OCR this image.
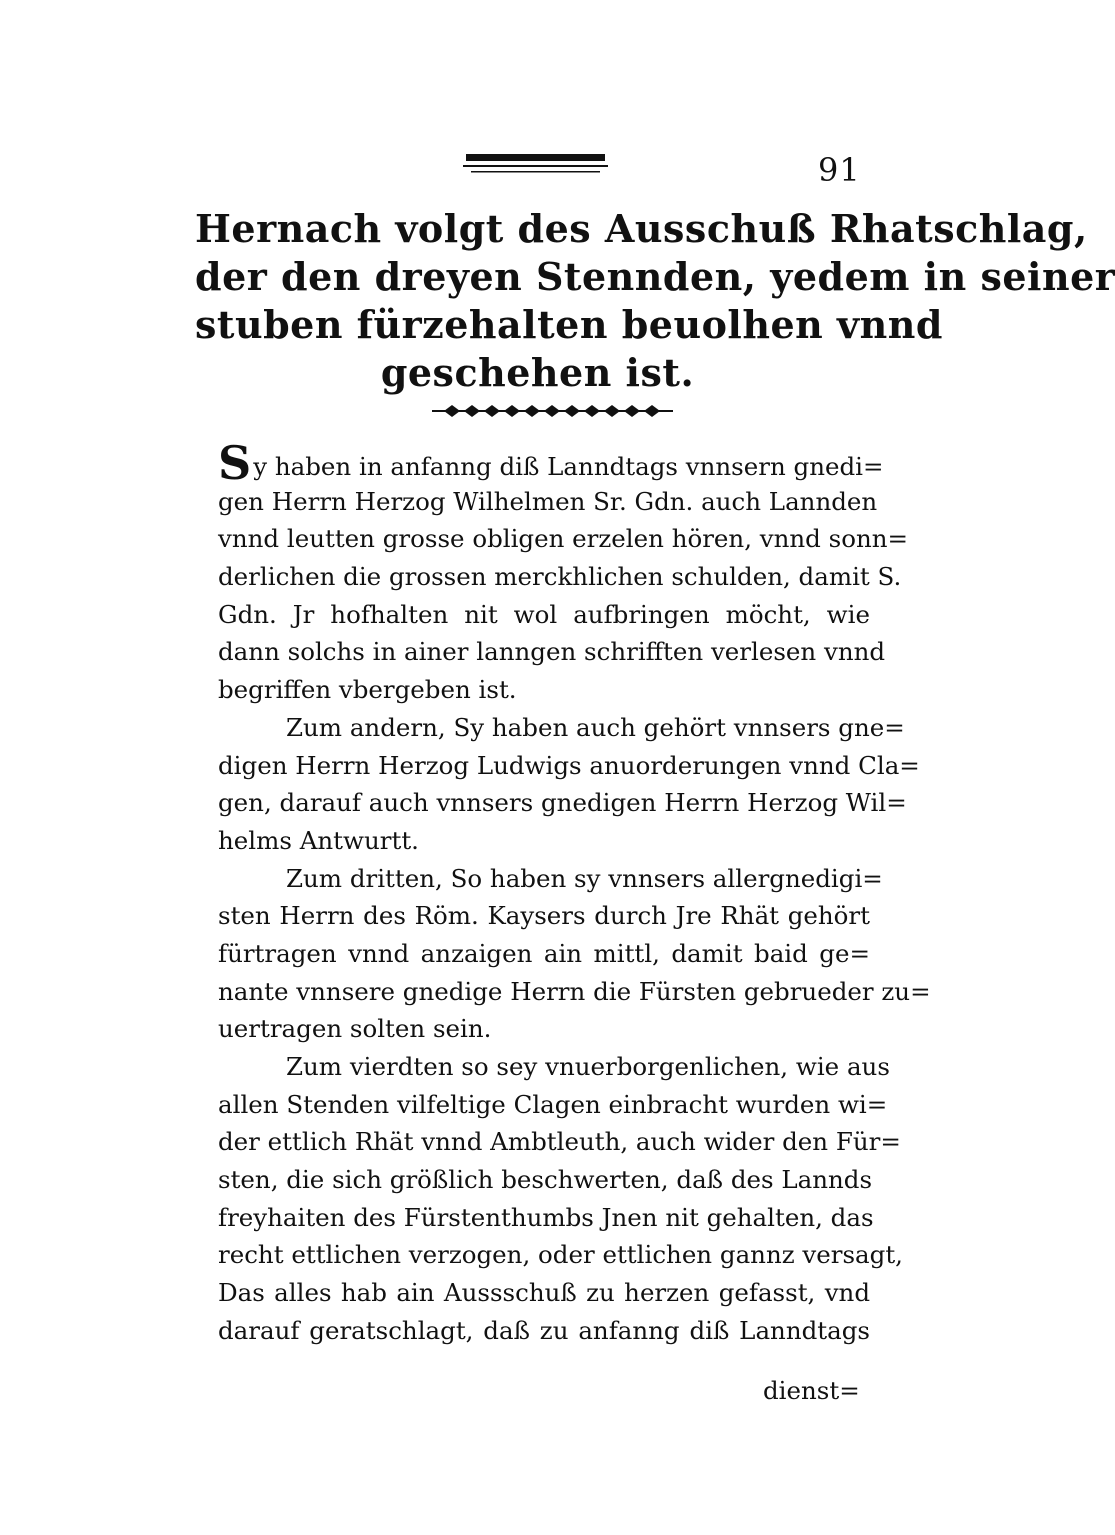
91
Hernach volgt des Ausschuß Rhatschlag,
der den dreyen Stennden, yedem in seiner
stuben fürzehalten beuolhen vnnd
geschehen ist.
Sy haben in anfanng diß Lanndtags vnnsern gnedi=
gen Herrn Herzog Wilhelmen Sr. Gdn. auch Lannden
vnnd leutten grosse obligen erzelen hören, vnnd sonn=
derlichen die grossen merckhlichen schulden, damit S.
Gdn. Jr hofhalten nit wol aufbringen möcht, wie
dann solchs in ainer lanngen schrifften verlesen vnnd
begriffen vbergeben ist.
Zum andern, Sy haben auch gehört vnnsers gne=
digen Herrn Herzog Ludwigs anuorderungen vnnd Cla=
gen, darauf auch vnnsers gnedigen Herrn Herzog Wil=
helms Antwurtt.
Zum dritten, So haben sy vnnsers allergnedigi=
sten Herrn des Röm. Kaysers durch Jre Rhät gehört
fürtragen vnnd anzaigen ain mittl, damit baid ge=
nante vnnsere gnedige Herrn die Fürsten gebrueder zu=
uertragen solten sein.
Zum vierdten so sey vnuerborgenlichen, wie aus
allen Stenden vilfeltige Clagen einbracht wurden wi=
der ettlich Rhät vnnd Ambtleuth, auch wider den Für=
sten, die sich größlich beschwerten, daß des Lannds
freyhaiten des Fürstenthumbs Jnen nit gehalten, das
recht ettlichen verzogen, oder ettlichen gannz versagt,
Das alles hab ain Aussschuß zu herzen gefasst, vnd
darauf geratschlagt, daß zu anfanng diß Lanndtags
dienst=
